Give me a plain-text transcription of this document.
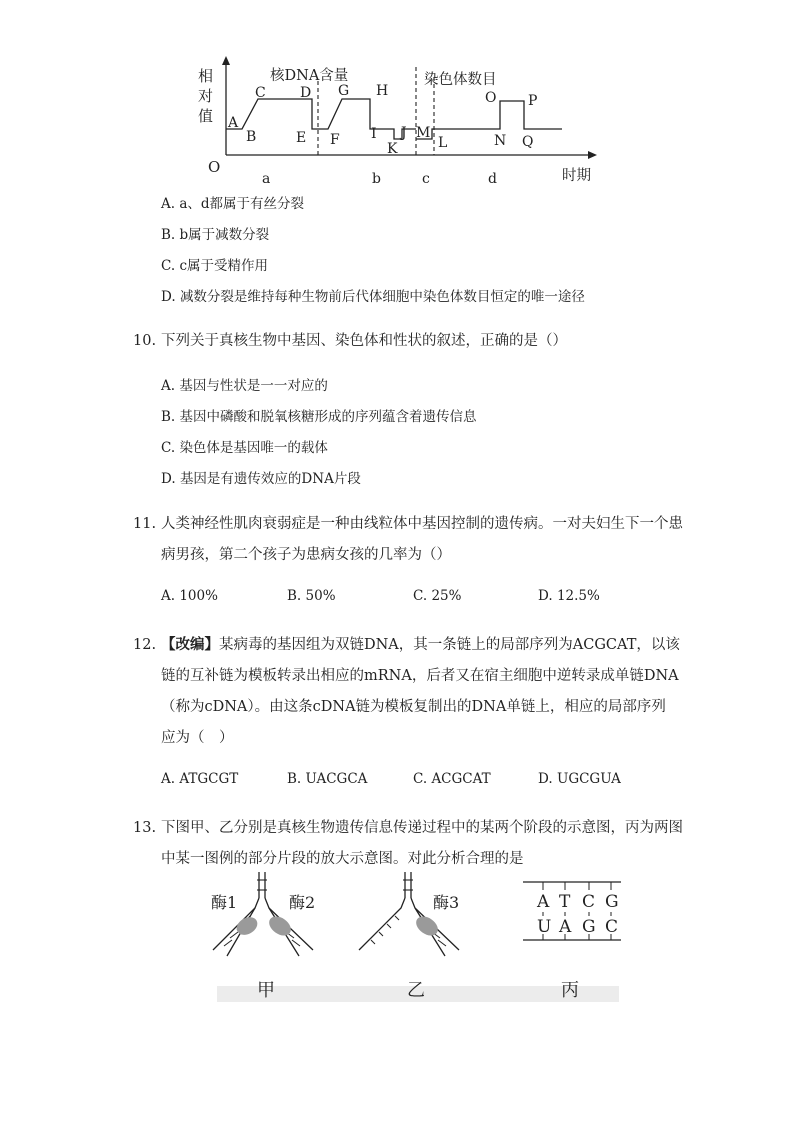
相
对
值
O
核DNA含量	染色体数目
A
B
C D
E F
G H
I J
K
M
L
O
N
P
Q
a	b	c	d	时期
A. a、d都属于有丝分裂
B. b属于减数分裂
C. c属于受精作用
D. 减数分裂是维持每种生物前后代体细胞中染色体数目恒定的唯一途径
10. 下列关于真核生物中基因、染色体和性状的叙述，正确的是（）
A. 基因与性状是一一对应的
B. 基因中磷酸和脱氧核糖形成的序列蕴含着遗传信息
C. 染色体是基因唯一的载体
D. 基因是有遗传效应的DNA片段
11. 人类神经性肌肉衰弱症是一种由线粒体中基因控制的遗传病。一对夫妇生下一个患
病男孩，第二个孩子为患病女孩的几率为（）
A. 100%	B. 50%	C. 25%	D. 12.5%
12. 【改编】某病毒的基因组为双链DNA，其一条链上的局部序列为ACGCAT，以该
链的互补链为模板转录出相应的mRNA，后者又在宿主细胞中逆转录成单链DNA
（称为cDNA）。由这条cDNA链为模板复制出的DNA单链上，相应的局部序列
应为（　）
A. ATGCGT	B. UACGCA	C. ACGCAT	D. UGCGUA
13. 下图甲、乙分别是真核生物遗传信息传递过程中的某两个阶段的示意图，丙为两图
中某一图例的部分片段的放大示意图。对此分析合理的是
酶1	酶2	酶3	A T C G
U A G C
甲	乙	丙
